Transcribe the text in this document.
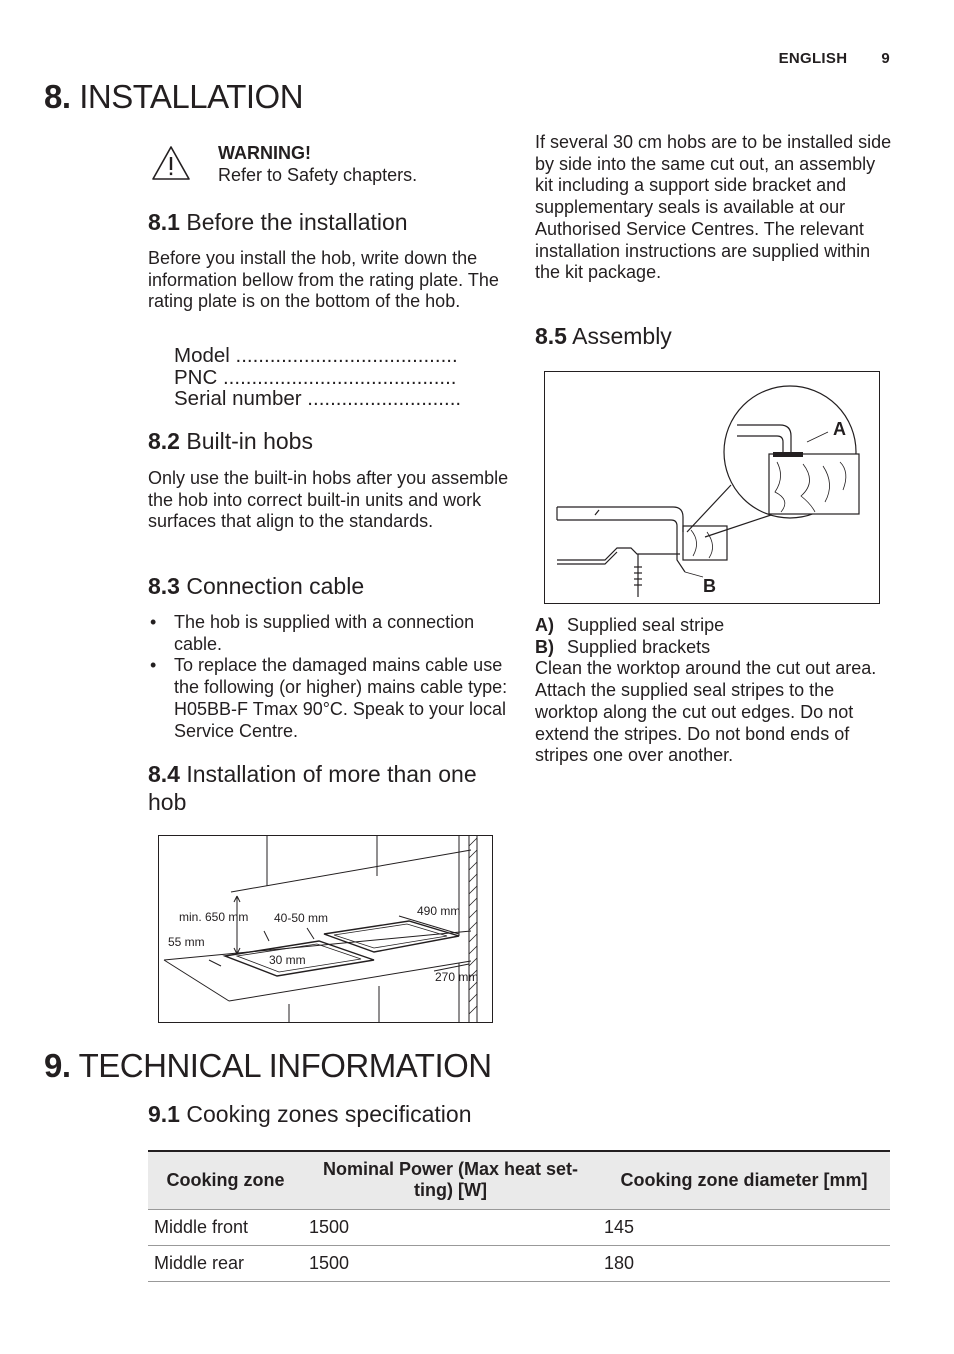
ENGLISH 9
8. INSTALLATION
WARNING!
Refer to Safety chapters.
8.1 Before the installation
Before you install the hob, write down the information bellow from the rating plate. The rating plate is on the bottom of the hob.
Model .......................................
PNC .........................................
Serial number ...........................
8.2 Built-in hobs
Only use the built-in hobs after you assemble the hob into correct built-in units and work surfaces that align to the standards.
8.3 Connection cable
• The hob is supplied with a connection cable.
• To replace the damaged mains cable use the following (or higher) mains cable type: H05BB-F Tmax 90°C. Speak to your local Service Centre.
8.4 Installation of more than one hob
min. 650 mm 40-50 mm	490 mm
55 mm
30 mm
270 mm
If several 30 cm hobs are to be installed side by side into the same cut out, an assembly kit including a support side bracket and supplementary seals is available at our Authorised Service Centres. The relevant installation instructions are supplied within the kit package.
8.5 Assembly
A
B
A) Supplied seal stripe
B) Supplied brackets
Clean the worktop around the cut out area. Attach the supplied seal stripes to the worktop along the cut out edges. Do not extend the stripes. Do not bond ends of stripes one over another.
9. TECHNICAL INFORMATION
9.1 Cooking zones specification
Cooking zone	Nominal Power (Max heat set-ting) [W]	Cooking zone diameter [mm]
Middle front	1500	145
Middle rear	1500	180
